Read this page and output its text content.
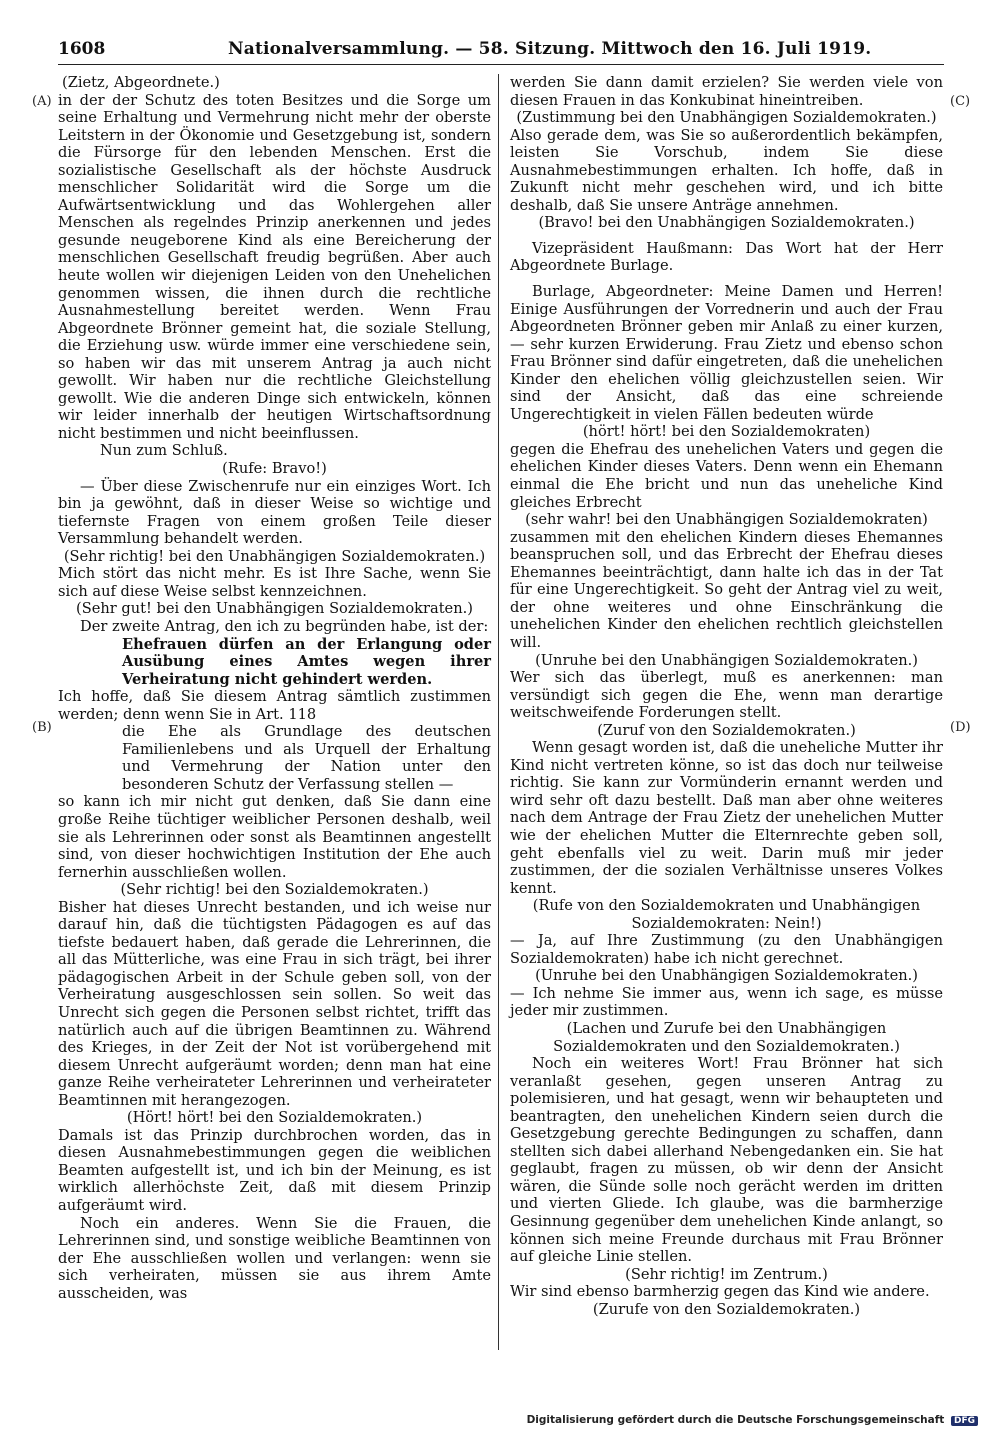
1608	Nationalversammlung. — 58. Sitzung. Mittwoch den 16. Juli 1919.
(A)
(B)
(C)
(D)

(Zietz, Abgeordnete.)

in der der Schutz des toten Besitzes und die Sorge um seine Erhaltung und Vermehrung nicht mehr der oberste Leitstern in der Ökonomie und Gesetzgebung ist, sondern die Fürsorge für den lebenden Menschen. Erst die sozialistische Gesellschaft als der höchste Ausdruck menschlicher Solidarität wird die Sorge um die Aufwärtsentwicklung und das Wohlergehen aller Menschen als regelndes Prinzip anerkennen und jedes gesunde neugeborene Kind als eine Bereicherung der menschlichen Gesellschaft freudig begrüßen. Aber auch heute wollen wir diejenigen Leiden von den Unehelichen genommen wissen, die ihnen durch die rechtliche Ausnahmestellung bereitet werden. Wenn Frau Abgeordnete Brönner gemeint hat, die soziale Stellung, die Erziehung usw. würde immer eine verschiedene sein, so haben wir das mit unserem Antrag ja auch nicht gewollt. Wir haben nur die rechtliche Gleichstellung gewollt. Wie die anderen Dinge sich entwickeln, können wir leider innerhalb der heutigen Wirtschaftsordnung nicht bestimmen und nicht beeinflussen.

Nun zum Schluß.

(Rufe: Bravo!)

— Über diese Zwischenrufe nur ein einziges Wort. Ich bin ja gewöhnt, daß in dieser Weise so wichtige und tiefernste Fragen von einem großen Teile dieser Versammlung behandelt werden.

(Sehr richtig! bei den Unabhängigen Sozialdemokraten.)

Mich stört das nicht mehr. Es ist Ihre Sache, wenn Sie sich auf diese Weise selbst kennzeichnen.

(Sehr gut! bei den Unabhängigen Sozialdemokraten.)

Der zweite Antrag, den ich zu begründen habe, ist der:

Ehefrauen dürfen an der Erlangung oder Ausübung eines Amtes wegen ihrer Verheiratung nicht gehindert werden.

Ich hoffe, daß Sie diesem Antrag sämtlich zustimmen werden; denn wenn Sie in Art. 118

die Ehe als Grundlage des deutschen Familienlebens und als Urquell der Erhaltung und Vermehrung der Nation unter den besonderen Schutz der Verfassung stellen —

so kann ich mir nicht gut denken, daß Sie dann eine große Reihe tüchtiger weiblicher Personen deshalb, weil sie als Lehrerinnen oder sonst als Beamtinnen angestellt sind, von dieser hochwichtigen Institution der Ehe auch fernerhin ausschließen wollen.

(Sehr richtig! bei den Sozialdemokraten.)

Bisher hat dieses Unrecht bestanden, und ich weise nur darauf hin, daß die tüchtigsten Pädagogen es auf das tiefste bedauert haben, daß gerade die Lehrerinnen, die all das Mütterliche, was eine Frau in sich trägt, bei ihrer pädagogischen Arbeit in der Schule geben soll, von der Verheiratung ausgeschlossen sein sollen. So weit das Unrecht sich gegen die Personen selbst richtet, trifft das natürlich auch auf die übrigen Beamtinnen zu. Während des Krieges, in der Zeit der Not ist vorübergehend mit diesem Unrecht aufgeräumt worden; denn man hat eine ganze Reihe verheirateter Lehrerinnen und verheirateter Beamtinnen mit herangezogen.

(Hört! hört! bei den Sozialdemokraten.)

Damals ist das Prinzip durchbrochen worden, das in diesen Ausnahmebestimmungen gegen die weiblichen Beamten aufgestellt ist, und ich bin der Meinung, es ist wirklich allerhöchste Zeit, daß mit diesem Prinzip aufgeräumt wird.

Noch ein anderes. Wenn Sie die Frauen, die Lehrerinnen sind, und sonstige weibliche Beamtinnen von der Ehe ausschließen wollen und verlangen: wenn sie sich verheiraten, müssen sie aus ihrem Amte ausscheiden, was

werden Sie dann damit erzielen? Sie werden viele von diesen Frauen in das Konkubinat hineintreiben.

(Zustimmung bei den Unabhängigen Sozialdemokraten.)

Also gerade dem, was Sie so außerordentlich bekämpfen, leisten Sie Vorschub, indem Sie diese Ausnahmebestimmungen erhalten. Ich hoffe, daß in Zukunft nicht mehr geschehen wird, und ich bitte deshalb, daß Sie unsere Anträge annehmen.

(Bravo! bei den Unabhängigen Sozialdemokraten.)

Vizepräsident Haußmann: Das Wort hat der Herr Abgeordnete Burlage.

Burlage, Abgeordneter: Meine Damen und Herren! Einige Ausführungen der Vorrednerin und auch der Frau Abgeordneten Brönner geben mir Anlaß zu einer kurzen, — sehr kurzen Erwiderung. Frau Zietz und ebenso schon Frau Brönner sind dafür eingetreten, daß die unehelichen Kinder den ehelichen völlig gleichzustellen seien. Wir sind der Ansicht, daß das eine schreiende Ungerechtigkeit in vielen Fällen bedeuten würde

(hört! hört! bei den Sozialdemokraten)

gegen die Ehefrau des unehelichen Vaters und gegen die ehelichen Kinder dieses Vaters. Denn wenn ein Ehemann einmal die Ehe bricht und nun das uneheliche Kind gleiches Erbrecht

(sehr wahr! bei den Unabhängigen Sozialdemokraten)

zusammen mit den ehelichen Kindern dieses Ehemannes beanspruchen soll, und das Erbrecht der Ehefrau dieses Ehemannes beeinträchtigt, dann halte ich das in der Tat für eine Ungerechtigkeit. So geht der Antrag viel zu weit, der ohne weiteres und ohne Einschränkung die unehelichen Kinder den ehelichen rechtlich gleichstellen will.

(Unruhe bei den Unabhängigen Sozialdemokraten.)

Wer sich das überlegt, muß es anerkennen: man versündigt sich gegen die Ehe, wenn man derartige weitschweifende Forderungen stellt.

(Zuruf von den Sozialdemokraten.)

Wenn gesagt worden ist, daß die uneheliche Mutter ihr Kind nicht vertreten könne, so ist das doch nur teilweise richtig. Sie kann zur Vormünderin ernannt werden und wird sehr oft dazu bestellt. Daß man aber ohne weiteres nach dem Antrage der Frau Zietz der unehelichen Mutter wie der ehelichen Mutter die Elternrechte geben soll, geht ebenfalls viel zu weit. Darin muß mir jeder zustimmen, der die sozialen Verhältnisse unseres Volkes kennt.

(Rufe von den Sozialdemokraten und Unabhängigen Sozialdemokraten: Nein!)

— Ja, auf Ihre Zustimmung (zu den Unabhängigen Sozialdemokraten) habe ich nicht gerechnet.

(Unruhe bei den Unabhängigen Sozialdemokraten.)

— Ich nehme Sie immer aus, wenn ich sage, es müsse jeder mir zustimmen.

(Lachen und Zurufe bei den Unabhängigen Sozialdemokraten und den Sozialdemokraten.)

Noch ein weiteres Wort! Frau Brönner hat sich veranlaßt gesehen, gegen unseren Antrag zu polemisieren, und hat gesagt, wenn wir behaupteten und beantragten, den unehelichen Kindern seien durch die Gesetzgebung gerechte Bedingungen zu schaffen, dann stellten sich dabei allerhand Nebengedanken ein. Sie hat geglaubt, fragen zu müssen, ob wir denn der Ansicht wären, die Sünde solle noch gerächt werden im dritten und vierten Gliede. Ich glaube, was die barmherzige Gesinnung gegenüber dem unehelichen Kinde anlangt, so können sich meine Freunde durchaus mit Frau Brönner auf gleiche Linie stellen.

(Sehr richtig! im Zentrum.)

Wir sind ebenso barmherzig gegen das Kind wie andere.

(Zurufe von den Sozialdemokraten.)

Digitalisierung gefördert durch die Deutsche Forschungsgemeinschaft DFG
